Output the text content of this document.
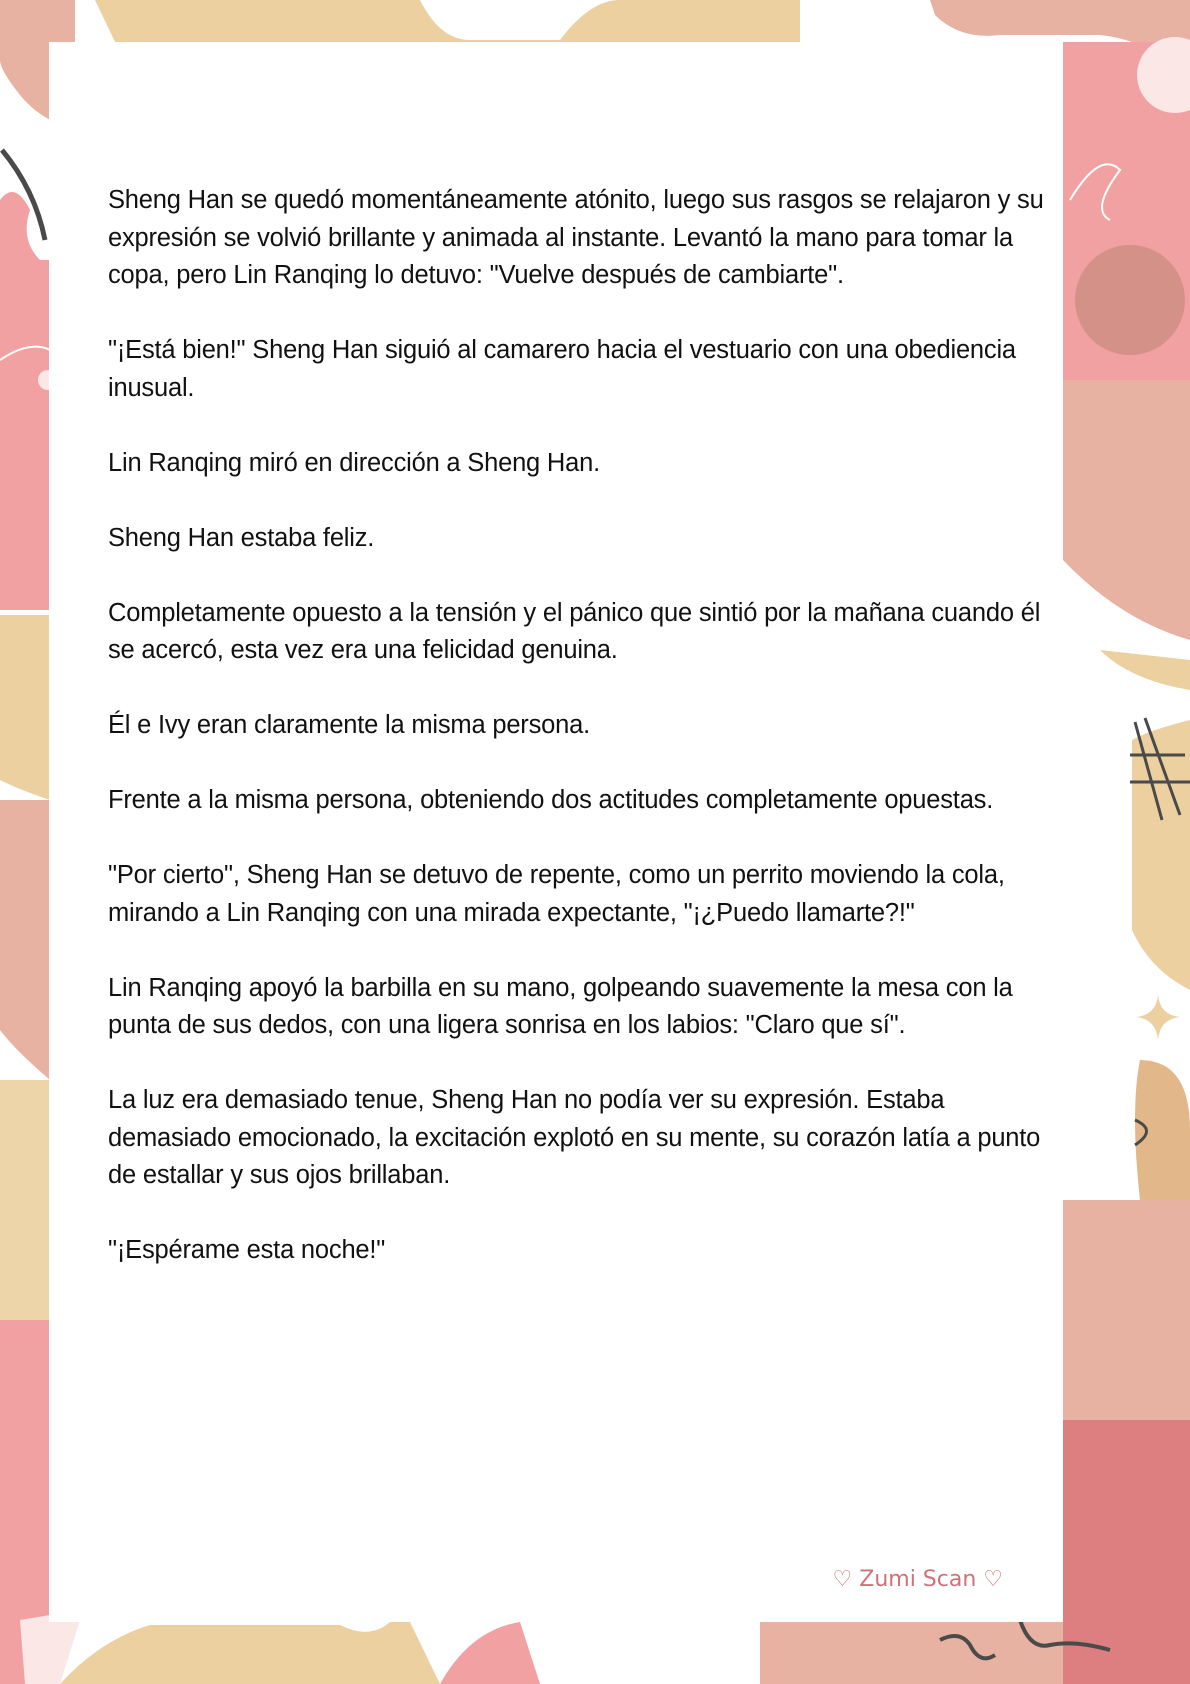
Sheng Han se quedó momentáneamente atónito, luego sus rasgos se relajaron y su expresión se volvió brillante y animada al instante. Levantó la mano para tomar la copa, pero Lin Ranqing lo detuvo: "Vuelve después de cambiarte".

"¡Está bien!" Sheng Han siguió al camarero hacia el vestuario con una obediencia inusual.

Lin Ranqing miró en dirección a Sheng Han.

Sheng Han estaba feliz.

Completamente opuesto a la tensión y el pánico que sintió por la mañana cuando él se acercó, esta vez era una felicidad genuina.

Él e Ivy eran claramente la misma persona.

Frente a la misma persona, obteniendo dos actitudes completamente opuestas.

"Por cierto", Sheng Han se detuvo de repente, como un perrito moviendo la cola, mirando a Lin Ranqing con una mirada expectante, "¡¿Puedo llamarte?!"

Lin Ranqing apoyó la barbilla en su mano, golpeando suavemente la mesa con la punta de sus dedos, con una ligera sonrisa en los labios: "Claro que sí".

La luz era demasiado tenue, Sheng Han no podía ver su expresión. Estaba demasiado emocionado, la excitación explotó en su mente, su corazón latía a punto de estallar y sus ojos brillaban.

"¡Espérame esta noche!"

♡ Zumi Scan ♡
